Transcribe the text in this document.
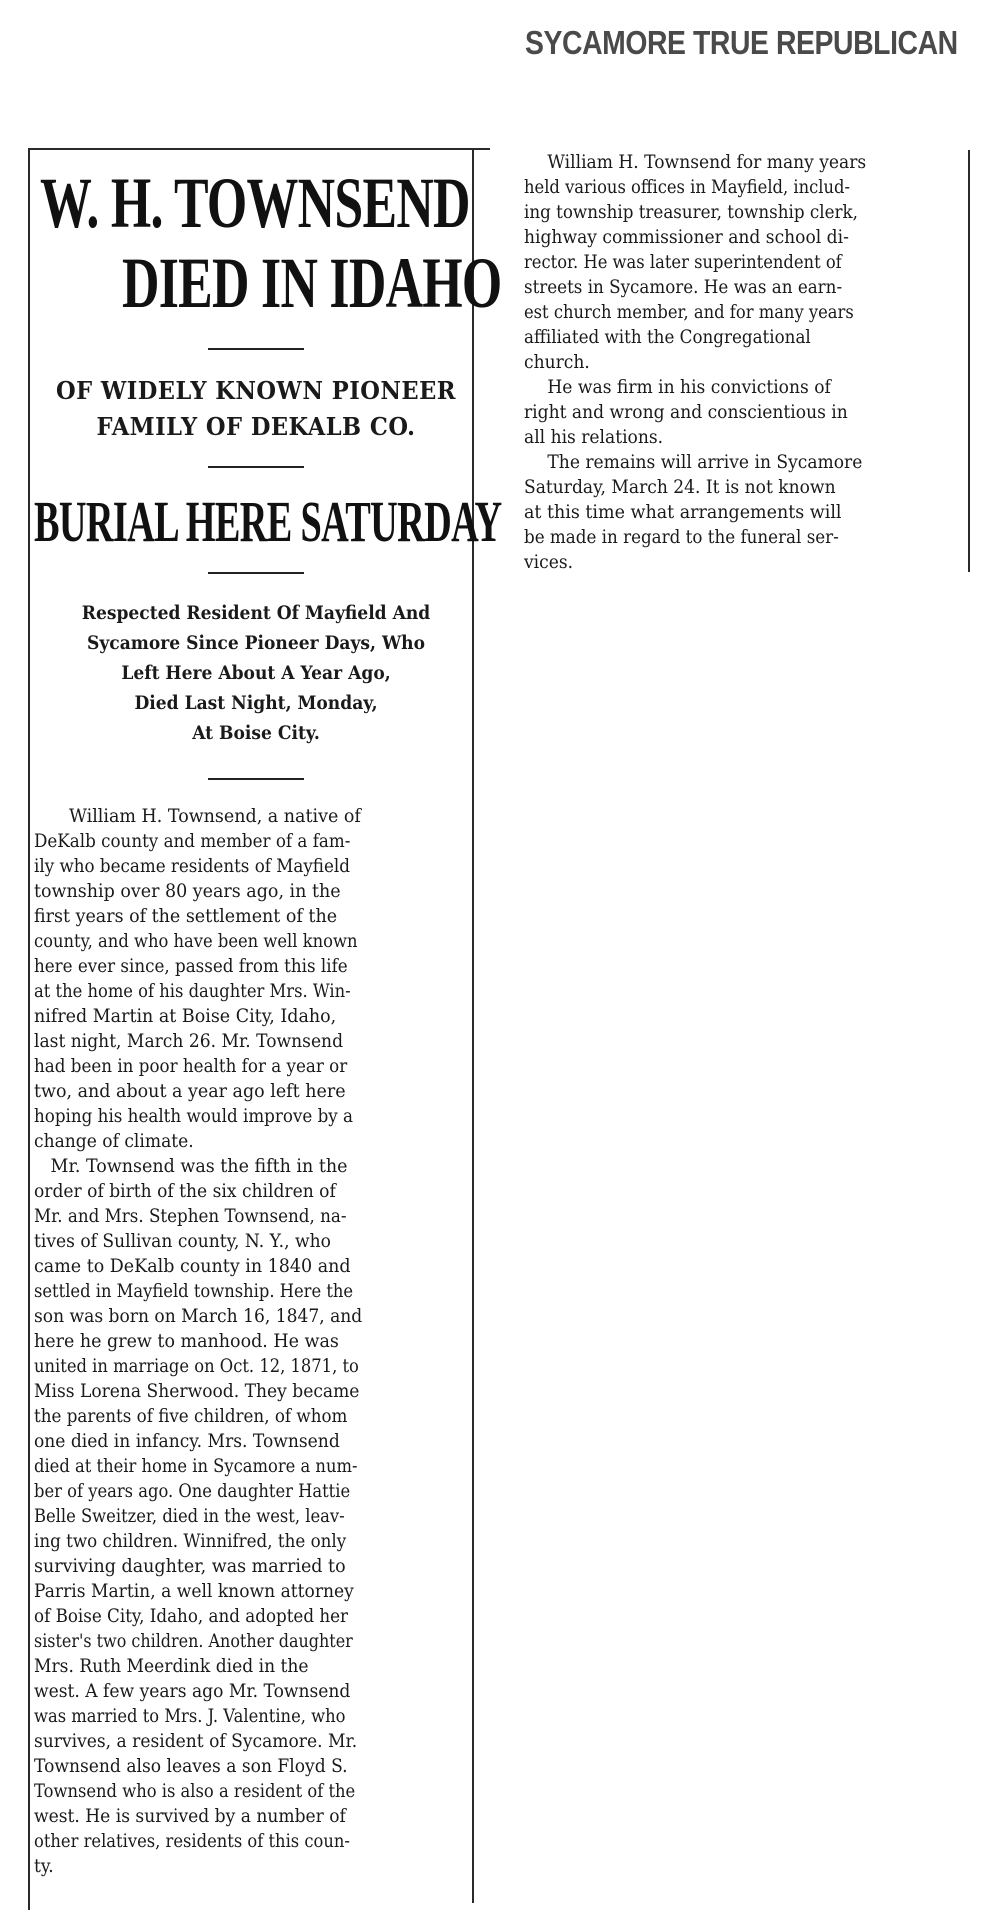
SYCAMORE TRUE REPUBLICAN
W. H. TOWNSEND
DIED IN IDAHO
OF WIDELY KNOWN PIONEER
FAMILY OF DEKALB CO.
BURIAL HERE SATURDAY
Respected Resident Of Mayfield And
Sycamore Since Pioneer Days, Who
Left Here About A Year Ago,
Died Last Night, Monday,
At Boise City.
William H. Townsend, a native of
DeKalb county and member of a fam-
ily who became residents of Mayfield
township over 80 years ago, in the
first years of the settlement of the
county, and who have been well known
here ever since, passed from this life
at the home of his daughter Mrs. Win-
nifred Martin at Boise City, Idaho,
last night, March 26. Mr. Townsend
had been in poor health for a year or
two, and about a year ago left here
hoping his health would improve by a
change of climate.
Mr. Townsend was the fifth in the
order of birth of the six children of
Mr. and Mrs. Stephen Townsend, na-
tives of Sullivan county, N. Y., who
came to DeKalb county in 1840 and
settled in Mayfield township. Here the
son was born on March 16, 1847, and
here he grew to manhood. He was
united in marriage on Oct. 12, 1871, to
Miss Lorena Sherwood. They became
the parents of five children, of whom
one died in infancy. Mrs. Townsend
died at their home in Sycamore a num-
ber of years ago. One daughter Hattie
Belle Sweitzer, died in the west, leav-
ing two children. Winnifred, the only
surviving daughter, was married to
Parris Martin, a well known attorney
of Boise City, Idaho, and adopted her
sister's two children. Another daughter
Mrs. Ruth Meerdink died in the
west. A few years ago Mr. Townsend
was married to Mrs. J. Valentine, who
survives, a resident of Sycamore. Mr.
Townsend also leaves a son Floyd S.
Townsend who is also a resident of the
west. He is survived by a number of
other relatives, residents of this coun-
ty.
William H. Townsend for many years
held various offices in Mayfield, includ-
ing township treasurer, township clerk,
highway commissioner and school di-
rector. He was later superintendent of
streets in Sycamore. He was an earn-
est church member, and for many years
affiliated with the Congregational
church.
He was firm in his convictions of
right and wrong and conscientious in
all his relations.
The remains will arrive in Sycamore
Saturday, March 24. It is not known
at this time what arrangements will
be made in regard to the funeral ser-
vices.
